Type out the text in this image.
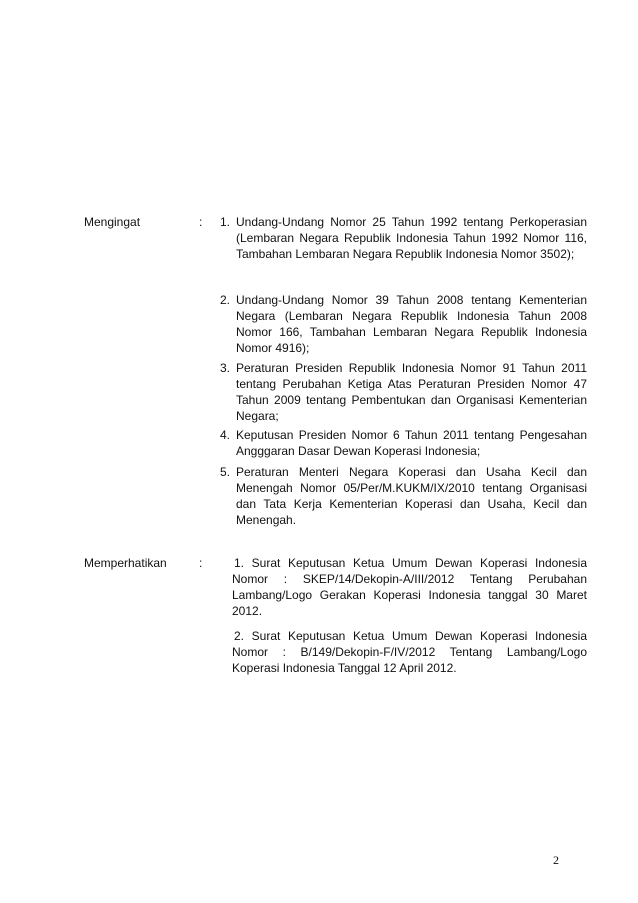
Mengingat	: 1. Undang-Undang Nomor 25 Tahun 1992 tentang Perkoperasian (Lembaran Negara Republik Indonesia Tahun 1992 Nomor 116, Tambahan Lembaran Negara Republik Indonesia Nomor 3502);
2. Undang-Undang Nomor 39 Tahun 2008 tentang Kementerian Negara (Lembaran Negara Republik Indonesia Tahun 2008 Nomor 166, Tambahan Lembaran Negara Republik Indonesia Nomor 4916);
3. Peraturan Presiden Republik Indonesia Nomor 91 Tahun 2011 tentang Perubahan Ketiga Atas Peraturan Presiden Nomor 47 Tahun 2009 tentang Pembentukan dan Organisasi Kementerian Negara;
4. Keputusan Presiden Nomor 6 Tahun 2011 tentang Pengesahan Angggaran Dasar Dewan Koperasi Indonesia;
5. Peraturan Menteri Negara Koperasi dan Usaha Kecil dan Menengah Nomor 05/Per/M.KUKM/IX/2010 tentang Organisasi dan Tata Kerja Kementerian Koperasi dan Usaha, Kecil dan Menengah.
Memperhatikan	:	1. Surat Keputusan Ketua Umum Dewan Koperasi Indonesia Nomor : SKEP/14/Dekopin-A/III/2012 Tentang Perubahan Lambang/Logo Gerakan Koperasi Indonesia tanggal 30 Maret 2012.
2. Surat Keputusan Ketua Umum Dewan Koperasi Indonesia Nomor : B/149/Dekopin-F/IV/2012 Tentang Lambang/Logo Koperasi Indonesia Tanggal 12 April 2012.
2
